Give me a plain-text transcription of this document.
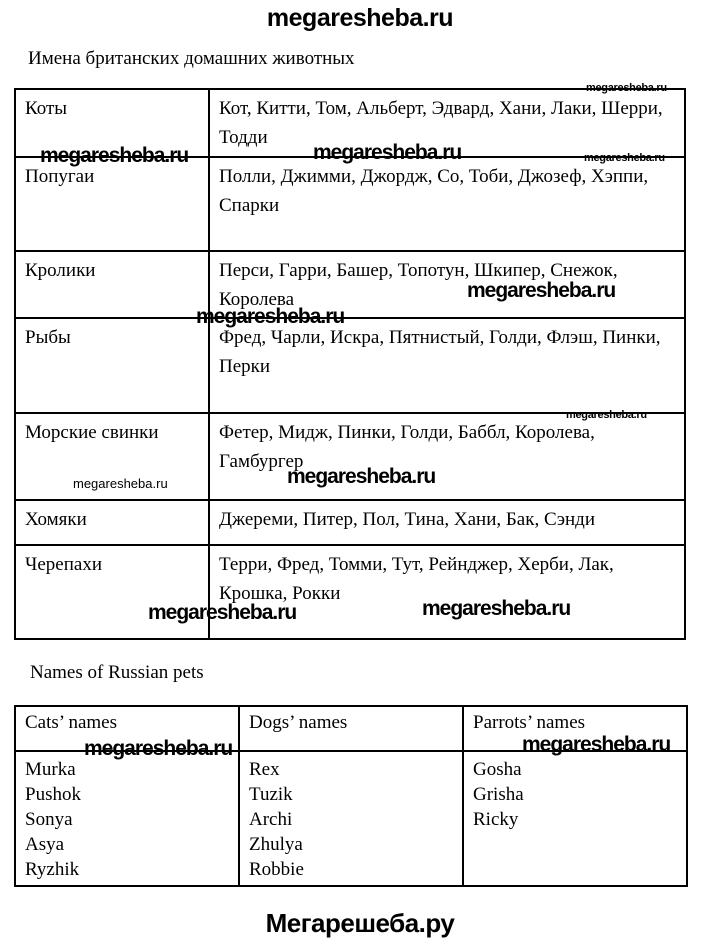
megaresheba.ru
Имена британских домашних животных
Коты	Кот, Китти, Том, Альберт, Эдвард, Хани, Лаки, Шерри,
Тодди

Попугаи	Полли, Джимми, Джордж, Со, Тоби, Джозеф, Хэппи,
Спарки

Кролики	Перси, Гарри, Башер, Топотун, Шкипер, Снежок,
Королева

Рыбы	Фред, Чарли, Искра, Пятнистый, Голди, Флэш, Пинки,
Перки

Морские свинки	Фетер, Мидж, Пинки, Голди, Баббл, Королева,
Гамбургер

Хомяки	Джереми, Питер, Пол, Тина, Хани, Бак, Сэнди

Черепахи	Терри, Фред, Томми, Тут, Рейнджер, Херби, Лак,
Крошка, Рокки
Names of Russian pets
Cats’ names	Dogs’ names	Parrots’ names

Murka
Pushok
Sonya
Asya
Ryzhik

Rex
Tuzik
Archi
Zhulya
Robbie

Gosha
Grisha
Ricky
Мегарешеба.ру
megaresheba.ru
megaresheba.ru	megaresheba.ru	megaresheba.ru
megaresheba.ru
megaresheba.ru
megaresheba.ru
megaresheba.ru
megaresheba.ru
megaresheba.ru	megaresheba.ru
megaresheba.ru	megaresheba.ru
